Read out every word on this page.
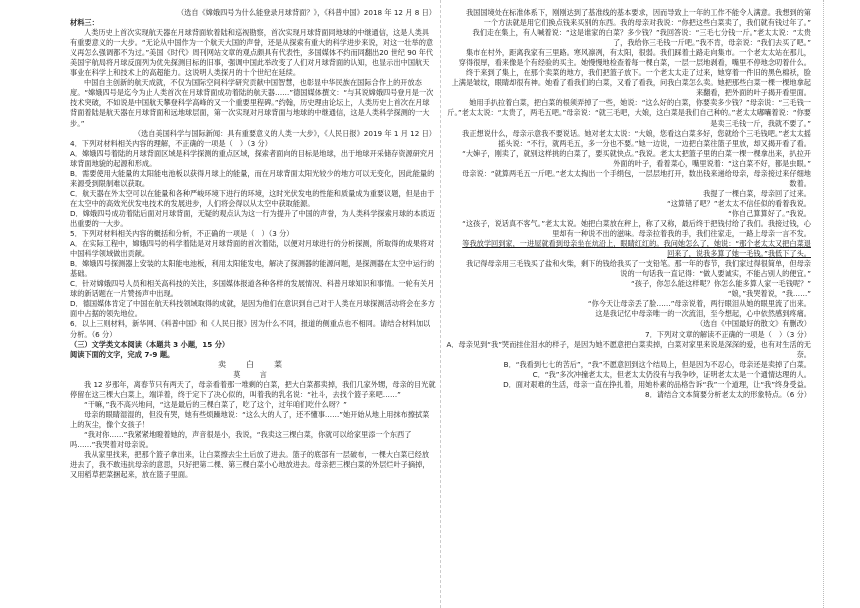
（选自《嫦娥四号为什么能登录月球背面？》，《科普中国》2018 年 12 月 8 日）

材料三：

人类历史上首次实现航天器在月球背面软着陆和巡视勘察，首次实现月球背面同地球的中继通信，这是人类具有重要意义的一大步。“无论从中国作为一个航天大国的声誉，还是从探索有重大的科学进步来说，对这一壮举的意义再怎么强调都不为过。”美国《时代》周刊网站文章的观点颇具有代表性，多国媒体不约而同翻出20 世纪 90 年代美国宇航局将月球反面列为优先探测目标的旧事，强调中国此举改变了人们对月球背面的认知，也显示出中国航天事业在科学上和技术上的高超能力。这说明人类探月的十个世纪在延续。

中国自主创新的航天成就，不仅为国际空间科学研究贡献中国智慧，也彰显中华民族在国际合作上的开放态度。“嫦娥四号是迄今为止人类首次在月球背面成功着陆的航天器……”德国媒体撰文：“与其说嫦娥四号登月是一次技术突破，不如说是中国航天攀登科学高峰的又一个重要里程碑。”约翰，历史理由论坛上，人类历史上首次在月球背面着陆是航天器在月球背面和远地球层面，第一次实现对月球背面与地球的中继通信，这是人类科学探测的一大步。”

（选自美国科学与国际新闻：具有重要意义的人类一大步》，《人民日报》2019 年 1 月 12 日）

4．下列对材料相关内容的理解，不正确的一项是（　）（3 分）

A．嫦娥四号着陆的月球背面区域是科学探测的重点区域，探索者面向的目标是地球，出于地球开采储存资源研究月球背面地貌的起源和形成。

B．需要使用大能量的太阳能电池板以获得月球上的能量，而在月球背面太阳光较少的地方可以无变化，因此能量的来源受到限制难以获取。

C．航天器在外太空可以在能量和各种严峻环境下进行的环境，这时光伏发电的性能和质量成为重要议题，但是由于在太空中的高效光伏发电技术的发展进步，人们将会得以从太空中获取能源。

D．嫦娥四号成功着陆后面对月球背面，无疑的观点认为这一行为提升了中国的声誉，为人类科学探索月球的本质迈出重要的一大步。

5．下列对材料相关内容的概括和分析，不正确的一项是（　）（3 分）

A．在实际工程中，嫦娥四号的科学着陆是对月球背面的首次着陆，以便对月球进行的分析探测，所取得的成果将对中国科学领域做出贡献。

B．嫦娥四号探测器上安装的太阳能电池板，利用太阳能发电，解决了探测器的能源问题，是探测器在太空中运行的基础。

C．针对嫦娥四号人员和相关高科技的关注，多国媒体报道各种各样的发展情况、科普月球知识和事情。一轮有关月球的新话题在一片赞扬声中出现。

D．德国媒体肯定了中国在航天科技领域取得的成就，是因为他们在意识到自己对于人类在月球探测活动将会在多方面中占据的领先地位。

6．以上三则材料，新华网、《科普中国》和《人民日报》因为什么不同，报道的侧重点也不相同。请结合材料加以分析。（6 分）

（三）文学类文本阅读（本题共 3 小题，15 分）

阅读下面的文字，完成 7-9 题。

卖　白　菜

莫　言

我 12 岁那年，离春节只有两天了，母亲看着那一堆剩的白菜，把大白菜都卖掉，我们几家外甥，母亲的目光就停留在这三棵大白菜上，端详着，终于定下了决心似的，叫着我的乳名说：“社斗，去找个篮子来吧……”

“干嘛，”我不高兴地问，“这是最后的三棵白菜了，吃了这个，过年咱们吃什么呀？”

母亲的眼睛湿湿的，但没有哭，她有些烦躁地说：“这么大的人了，还不懂事……”她开始从地上用抹布擦拭菜上的灰尘，像个女孩子！

“我对你……”我紧紧地瞪着她的，声音很是小，我说，“我卖这三棵白菜，你就可以给家里添一个东西了吗……”我哭着对母亲说。

我从家里找来，把那个篮子拿出来，让白菜擦去尘土后放了进去。篮子的底部有一层破布，一棵大白菜已经放进去了，我不敢违抗母亲的意思，只好把第二棵、第三棵白菜小心地放进去。母亲把三棵白菜的外层烂叶子摘掉，又用稻草把菜捆起来，放在篮子里面。

我国国境处在标准体系下，刚刚达到了基准线的基本要求，因而导致上一年的工作不能令人满意。我想到的第一个方法就是用它们换点钱来买别的东西。我的母亲对我说：“你把这些白菜卖了，我们就有钱过年了。”

我们走在集上，有人喊着说：“这是谁家的白菜？多少钱？”我回答说：“三毛七分钱一斤。”老太太说：“太贵了，我给你三毛钱一斤吧。”我不肯，母亲说：“我们去买了吧。”

集市在村外，距离我家有三里路。寒风凛冽，有太阳，很弱。我们踩着土路走向集市。一个老太太站在那儿，穿得很厚，看来像是个有经验的买主。她慢慢地检查着每一棵白菜，一层一层地剥看，嘴里不停地念叨着什么。

终于来到了集上，在那个卖菜的地方，我们把篮子放下。一个老太太走了过来，她穿着一件旧的黑色棉袄，脸上满是皱纹，眼睛却很有神。她看了看我们的白菜，又看了看我，问我白菜怎么卖。她把那些白菜一棵一棵地拿起来翻看，把外面的叶子揭开看里面。

她用手扒拉着白菜，把白菜的根须弄掉了一些，她说：“这么好的白菜，你要卖多少钱？”母亲说：“三毛钱一斤。”老太太说：“太贵了，两毛五吧。”母亲说：“就三毛吧，大娘，这白菜是我们自己种的。”老太太嘟囔着说：“你要是卖三毛钱一斤，我就不要了。”

我正想说什么，母亲示意我不要说话。她对老太太说：“大娘，您看这白菜多好，您就给个三毛钱吧。”老太太摇摇头说：“不行，就两毛五，多一分也不要。”她一边说，一边把白菜往篮子里放，却又揭开看了看。

“大婶子，刚卖了，就别这样挑的白菜了，要买就快点。”我说。老太太把篮子里的白菜一棵一棵拿出来，扒拉开外面的叶子，看着菜心，嘴里说着：“这白菜不好，都是虫眼。”

母亲说：“就算两毛五一斤吧。”老太太掏出一个手绢包，一层层地打开，数出钱来递给母亲，母亲接过来仔细地数着。

我提了一棵白菜，母亲回了过来。

“这算错了吧？”老太太不信任似的看着我说。

“你自己算算好了。”我说。

“这孩子，说话真不客气。”老太太说。她把白菜放在秤上，称了又称，最后终于把钱付给了我们。我接过钱，心里却有一种说不出的滋味。母亲拉着我的手，我们往家走，一路上母亲一言不发。

等我放学回到家，一进屋就看到母亲坐在炕沿上，眼睛红红的。我问她怎么了，她说：“那个老太太又把白菜退回来了，说我多算了她一毛钱。”我低下了头。

我记得母亲用三毛钱买了盐和火柴，剩下的钱给我买了一支铅笔。那一年的春节，我们家过得很简单，但母亲说的一句话我一直记得：“做人要诚实，不能占别人的便宜。”

“孩子，你怎么能这样呢？你怎么能多算人家一毛钱呢？”

“娘，”我哭着说，“我……”

“你今天让母亲丢了脸……”母亲说着，两行眼泪从她的眼里流了出来。

这是我记忆中母亲唯一的一次流泪，至今想起，心中依然感到疼痛。

（选自《中国最好的散文》有删改）

7．下列对文章的解读不正确的一项是（　）（3 分）

A．母亲见到“我”哭而挂住泪水的样子，是因为她不愿意把白菜卖掉，白菜对家里来说是深深的爱，也有对生活的无奈。

B．“我看到七七的苦后”，“我”不愿意回到这个结局上，但是因为不忍心，母亲还是卖掉了白菜。

C．“我”多次冲撞老太太，但老太太仍没有与我争吵，证明老太太是一个通情达理的人。

D．面对艰难的生活，母亲一直在挣扎着，用她朴素的品格告诉“我”一个道理，让“我”终身受益。

8．请结合文本简要分析老太太的形象特点。（6 分）
